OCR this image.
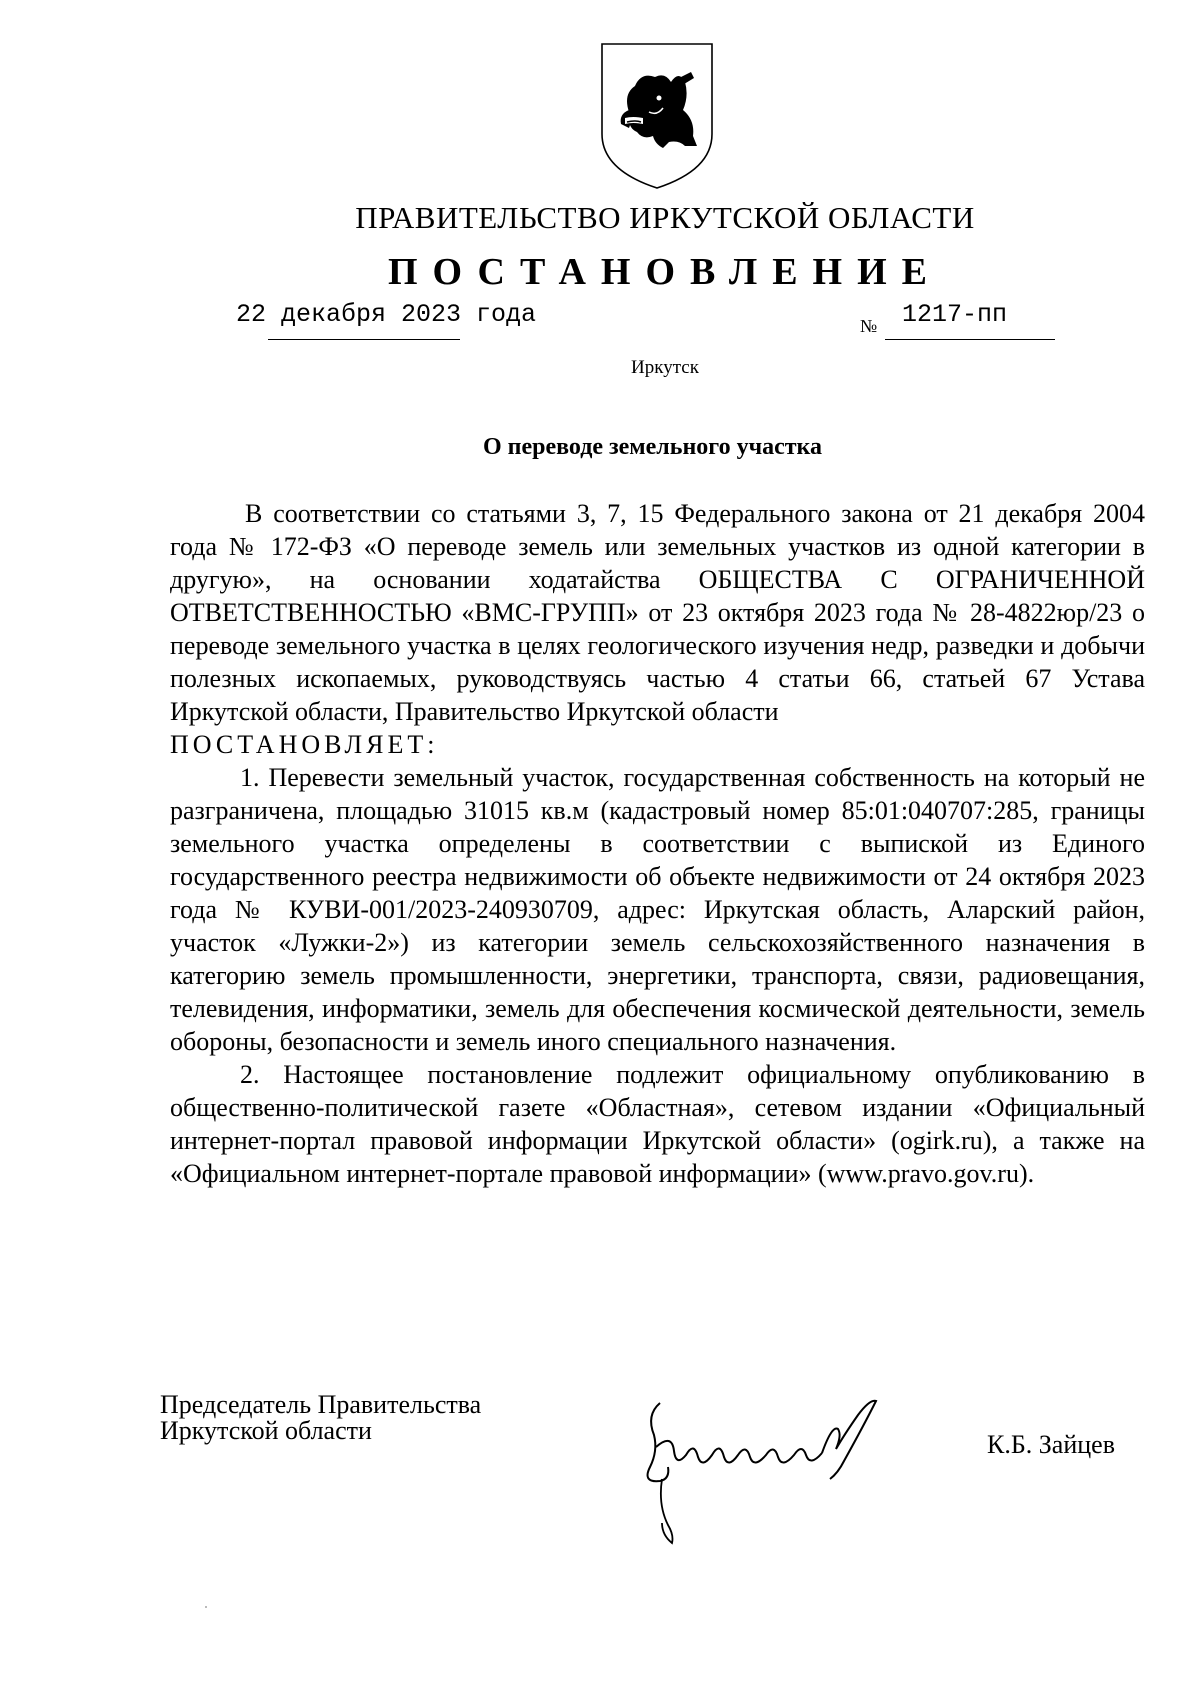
ПРАВИТЕЛЬСТВО ИРКУТСКОЙ ОБЛАСТИ
ПОСТАНОВЛЕНИЕ
22 декабря 2023 года	№ 1217-пп
Иркутск
О переводе земельного участка

В соответствии со статьями 3, 7, 15 Федерального закона от 21 декабря 2004 года № 172-ФЗ «О переводе земель или земельных участков из одной категории в другую», на основании ходатайства ОБЩЕСТВА С ОГРАНИЧЕННОЙ ОТВЕТСТВЕННОСТЬЮ «ВМС-ГРУПП» от 23 октября 2023 года № 28-4822юр/23 о переводе земельного участка в целях геологического изучения недр, разведки и добычи полезных ископаемых, руководствуясь частью 4 статьи 66, статьей 67 Устава Иркутской области, Правительство Иркутской области

ПОСТАНОВЛЯЕТ:

1. Перевести земельный участок, государственная собственность на который не разграничена, площадью 31015 кв.м (кадастровый номер 85:01:040707:285, границы земельного участка определены в соответствии с выпиской из Единого государственного реестра недвижимости об объекте недвижимости от 24 октября 2023 года № КУВИ-001/2023-240930709, адрес: Иркутская область, Аларский район, участок «Лужки-2») из категории земель сельскохозяйственного назначения в категорию земель промышленности, энергетики, транспорта, связи, радиовещания, телевидения, информатики, земель для обеспечения космической деятельности, земель обороны, безопасности и земель иного специального назначения.

2. Настоящее постановление подлежит официальному опубликованию в общественно-политической газете «Областная», сетевом издании «Официальный интернет-портал правовой информации Иркутской области» (ogirk.ru), а также на «Официальном интернет-портале правовой информации» (www.pravo.gov.ru).

Председатель Правительства
Иркутской области	К.Б. Зайцев
